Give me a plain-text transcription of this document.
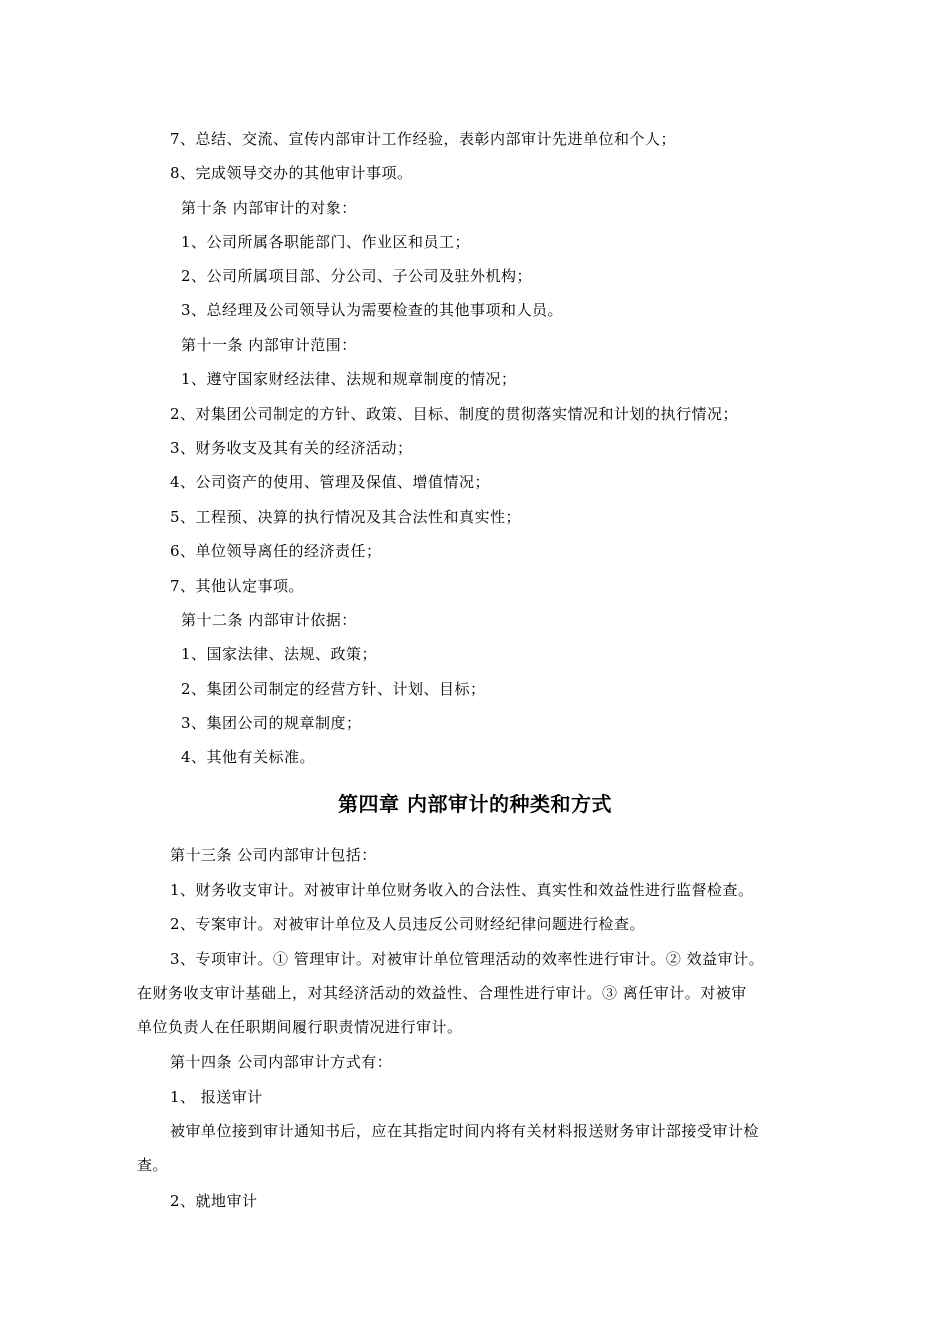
7、总结、交流、宣传内部审计工作经验，表彰内部审计先进单位和个人；
8、完成领导交办的其他审计事项。
第十条 内部审计的对象：
1、公司所属各职能部门、作业区和员工；
2、公司所属项目部、分公司、子公司及驻外机构；
3、总经理及公司领导认为需要检查的其他事项和人员。
第十一条 内部审计范围：
1、遵守国家财经法律、法规和规章制度的情况；
2、对集团公司制定的方针、政策、目标、制度的贯彻落实情况和计划的执行情况；
3、财务收支及其有关的经济活动；
4、公司资产的使用、管理及保值、增值情况；
5、工程预、决算的执行情况及其合法性和真实性；
6、单位领导离任的经济责任；
7、其他认定事项。
第十二条 内部审计依据：
1、国家法律、法规、政策；
2、集团公司制定的经营方针、计划、目标；
3、集团公司的规章制度；
4、其他有关标准。
第四章 内部审计的种类和方式
第十三条 公司内部审计包括：
1、财务收支审计。对被审计单位财务收入的合法性、真实性和效益性进行监督检查。
2、专案审计。对被审计单位及人员违反公司财经纪律问题进行检查。
3、专项审计。① 管理审计。对被审计单位管理活动的效率性进行审计。② 效益审计。
在财务收支审计基础上，对其经济活动的效益性、合理性进行审计。③ 离任审计。对被审
单位负责人在任职期间履行职责情况进行审计。
第十四条 公司内部审计方式有：
1、 报送审计
被审单位接到审计通知书后，应在其指定时间内将有关材料报送财务审计部接受审计检
查。
2、就地审计
